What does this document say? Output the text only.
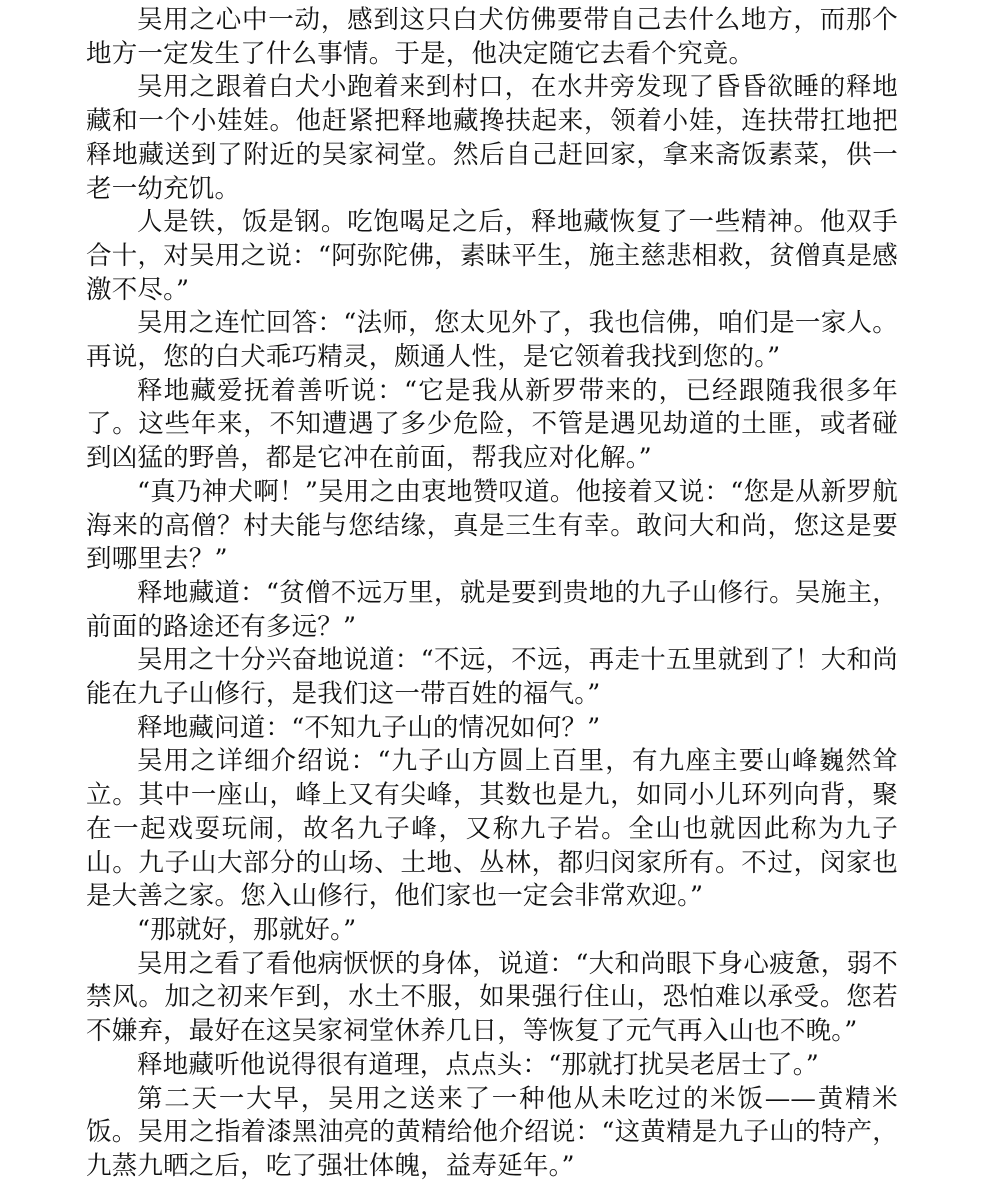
吴用之心中一动，感到这只白犬仿佛要带自己去什么地方，而那个地方一定发生了什么事情。于是，他决定随它去看个究竟。

吴用之跟着白犬小跑着来到村口，在水井旁发现了昏昏欲睡的释地藏和一个小娃娃。他赶紧把释地藏搀扶起来，领着小娃，连扶带扛地把释地藏送到了附近的吴家祠堂。然后自己赶回家，拿来斋饭素菜，供一老一幼充饥。

人是铁，饭是钢。吃饱喝足之后，释地藏恢复了一些精神。他双手合十，对吴用之说：“阿弥陀佛，素昧平生，施主慈悲相救，贫僧真是感激不尽。”

吴用之连忙回答：“法师，您太见外了，我也信佛，咱们是一家人。再说，您的白犬乖巧精灵，颇通人性，是它领着我找到您的。”

释地藏爱抚着善听说：“它是我从新罗带来的，已经跟随我很多年了。这些年来，不知遭遇了多少危险，不管是遇见劫道的土匪，或者碰到凶猛的野兽，都是它冲在前面，帮我应对化解。”

“真乃神犬啊！”吴用之由衷地赞叹道。他接着又说：“您是从新罗航海来的高僧？村夫能与您结缘，真是三生有幸。敢问大和尚，您这是要到哪里去？”

释地藏道：“贫僧不远万里，就是要到贵地的九子山修行。吴施主，前面的路途还有多远？”

吴用之十分兴奋地说道：“不远，不远，再走十五里就到了！大和尚能在九子山修行，是我们这一带百姓的福气。”

释地藏问道：“不知九子山的情况如何？”

吴用之详细介绍说：“九子山方圆上百里，有九座主要山峰巍然耸立。其中一座山，峰上又有尖峰，其数也是九，如同小儿环列向背，聚在一起戏耍玩闹，故名九子峰，又称九子岩。全山也就因此称为九子山。九子山大部分的山场、土地、丛林，都归闵家所有。不过，闵家也是大善之家。您入山修行，他们家也一定会非常欢迎。”

“那就好，那就好。”

吴用之看了看他病恹恹的身体，说道：“大和尚眼下身心疲惫，弱不禁风。加之初来乍到，水土不服，如果强行住山，恐怕难以承受。您若不嫌弃，最好在这吴家祠堂休养几日，等恢复了元气再入山也不晚。”

释地藏听他说得很有道理，点点头：“那就打扰吴老居士了。”

第二天一大早，吴用之送来了一种他从未吃过的米饭——黄精米饭。吴用之指着漆黑油亮的黄精给他介绍说：“这黄精是九子山的特产，九蒸九晒之后，吃了强壮体魄，益寿延年。”
